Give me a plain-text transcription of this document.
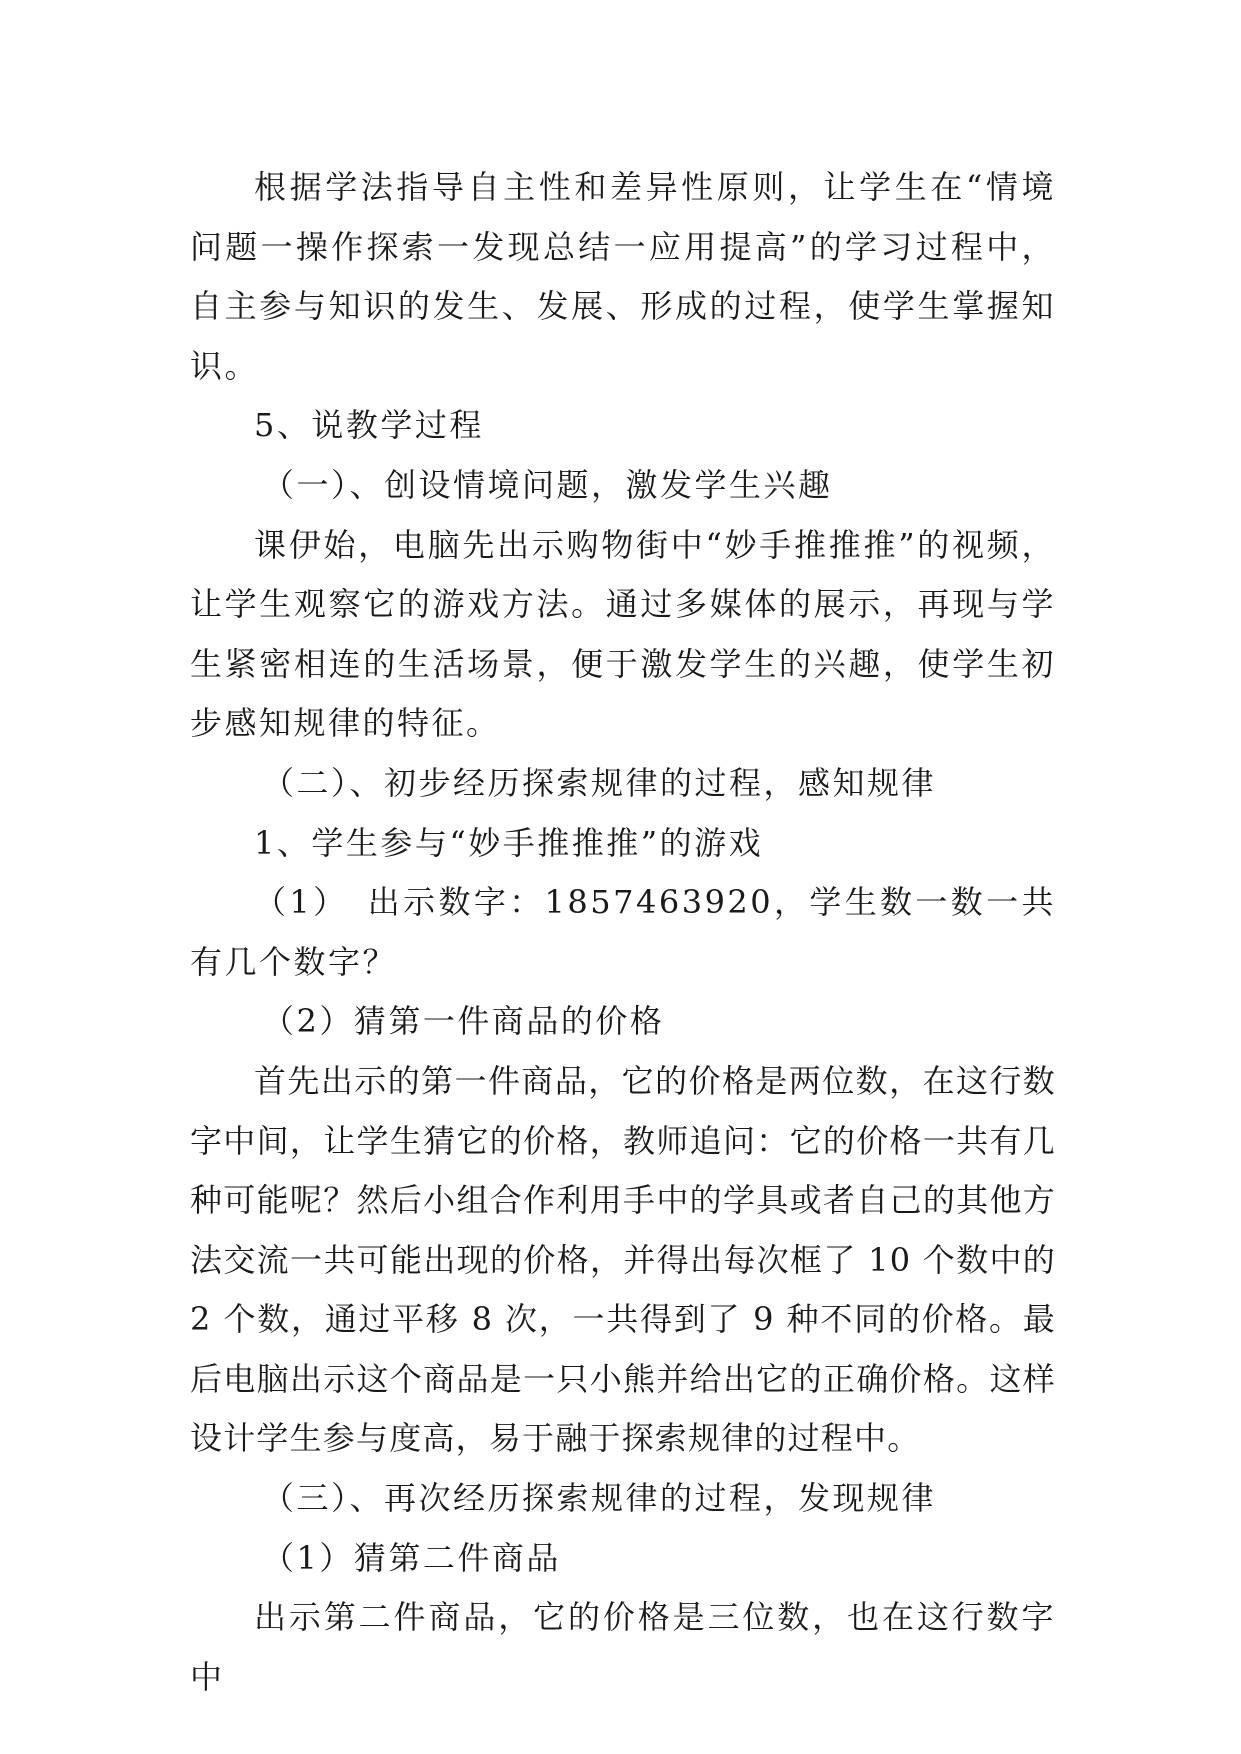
根据学法指导自主性和差异性原则，让学生在“情境问题一操作探索一发现总结一应用提高”的学习过程中，自主参与知识的发生、发展、形成的过程，使学生掌握知识。

5、说教学过程

（一）、创设情境问题，激发学生兴趣

课伊始，电脑先出示购物街中“妙手推推推”的视频，让学生观察它的游戏方法。通过多媒体的展示，再现与学生紧密相连的生活场景，便于激发学生的兴趣，使学生初步感知规律的特征。

（二）、初步经历探索规律的过程，感知规律

1、学生参与“妙手推推推”的游戏

（1）　出示数字：1857463920，学生数一数一共有几个数字？

（2）猜第一件商品的价格

首先出示的第一件商品，它的价格是两位数，在这行数字中间，让学生猜它的价格，教师追问：它的价格一共有几种可能呢？然后小组合作利用手中的学具或者自己的其他方法交流一共可能出现的价格，并得出每次框了 10 个数中的 2 个数，通过平移 8 次，一共得到了 9 种不同的价格。最后电脑出示这个商品是一只小熊并给出它的正确价格。这样设计学生参与度高，易于融于探索规律的过程中。

（三）、再次经历探索规律的过程，发现规律

（1）猜第二件商品

出示第二件商品，它的价格是三位数，也在这行数字中
